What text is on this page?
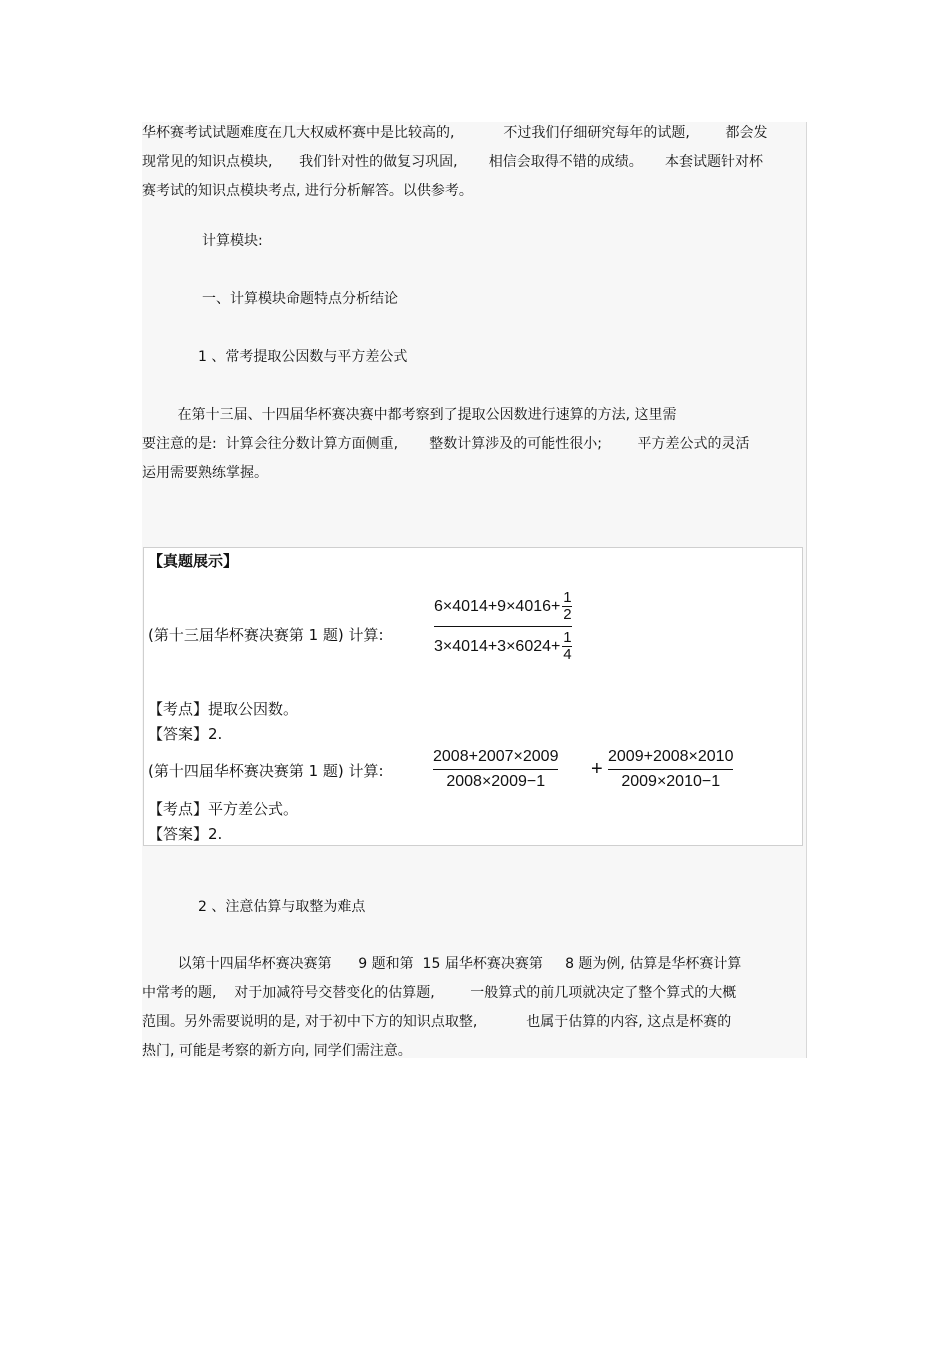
华杯赛考试试题难度在几大权威杯赛中是比较高的,           不过我们仔细研究每年的试题,        都会发
现常见的知识点模块,      我们针对性的做复习巩固,       相信会取得不错的成绩。     本套试题针对杯
赛考试的知识点模块考点, 进行分析解答。以供参考。

计算模块:

一、计算模块命题特点分析结论

1 、常考提取公因数与平方差公式

在第十三届、十四届华杯赛决赛中都考察到了提取公因数进行速算的方法, 这里需
要注意的是:  计算会往分数计算方面侧重,       整数计算涉及的可能性很小;        平方差公式的灵活
运用需要熟练掌握。

【真题展示】
(第十三届华杯赛决赛第 1 题) 计算:
6×4014+9×4016+ 1
2
3×4014+3×6024+ 1
4
【考点】提取公因数。
【答案】2.
(第十四届华杯赛决赛第 1 题) 计算:
2008+2007×2009
2008×2009−1
+
2009+2008×2010
2009×2010−1
【考点】平方差公式。
【答案】2.

2 、注意估算与取整为难点

以第十四届华杯赛决赛第      9 题和第  15 届华杯赛决赛第     8 题为例, 估算是华杯赛计算
中常考的题,    对于加减符号交替变化的估算题,        一般算式的前几项就决定了整个算式的大概
范围。另外需要说明的是, 对于初中下方的知识点取整,           也属于估算的内容, 这点是杯赛的
热门, 可能是考察的新方向, 同学们需注意。
